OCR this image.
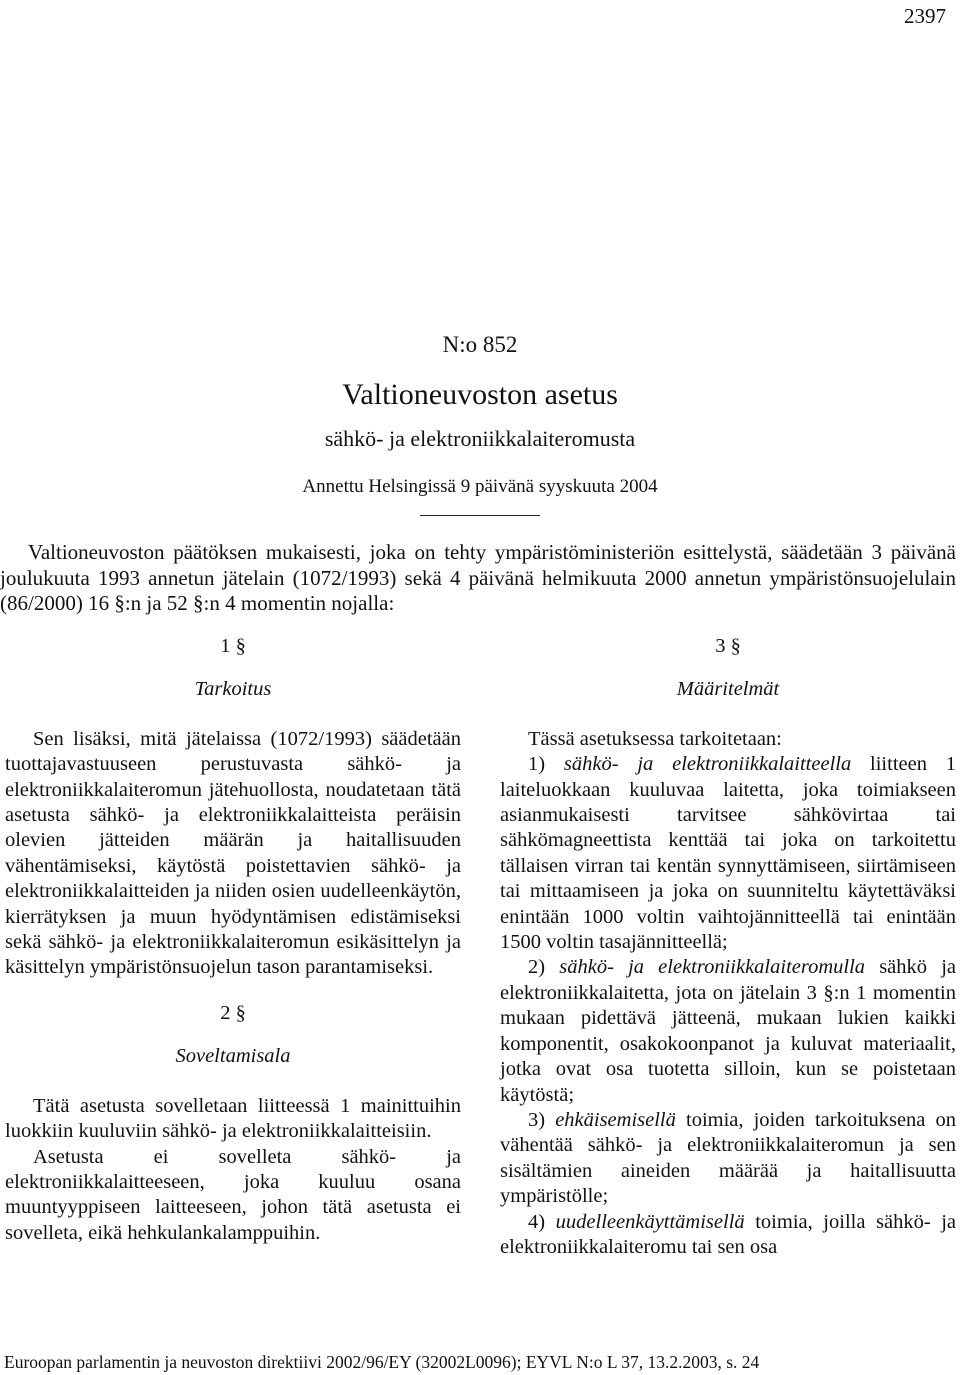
2397
N:o 852
Valtioneuvoston asetus
sähkö- ja elektroniikkalaiteromusta
Annettu Helsingissä 9 päivänä syyskuuta 2004

Valtioneuvoston päätöksen mukaisesti, joka on tehty ympäristöministeriön esittelystä, säädetään 3 päivänä joulukuuta 1993 annetun jätelain (1072/1993) sekä 4 päivänä helmikuuta 2000 annetun ympäristönsuojelulain (86/2000) 16 §:n ja 52 §:n 4 momentin nojalla:

1 §

Tarkoitus

Sen lisäksi, mitä jätelaissa (1072/1993) säädetään tuottajavastuuseen perustuvasta sähkö- ja elektroniikkalaiteromun jätehuollosta, noudatetaan tätä asetusta sähkö- ja elektroniikkalaitteista peräisin olevien jätteiden määrän ja haitallisuuden vähentämiseksi, käytöstä poistettavien sähkö- ja elektroniikkalaitteiden ja niiden osien uudelleenkäytön, kierrätyksen ja muun hyödyntämisen edistämiseksi sekä sähkö- ja elektroniikkalaiteromun esikäsittelyn ja käsittelyn ympäristönsuojelun tason parantamiseksi.

2 §

Soveltamisala

Tätä asetusta sovelletaan liitteessä 1 mainittuihin luokkiin kuuluviin sähkö- ja elektroniikkalaitteisiin.

Asetusta ei sovelleta sähkö- ja elektroniikkalaitteeseen, joka kuuluu osana muuntyyppiseen laitteeseen, johon tätä asetusta ei sovelleta, eikä hehkulankalamppuihin.

3 §

Määritelmät

Tässä asetuksessa tarkoitetaan:

1) sähkö- ja elektroniikkalaitteella liitteen 1 laiteluokkaan kuuluvaa laitetta, joka toimiakseen asianmukaisesti tarvitsee sähkövirtaa tai sähkömagneettista kenttää tai joka on tarkoitettu tällaisen virran tai kentän synnyttämiseen, siirtämiseen tai mittaamiseen ja joka on suunniteltu käytettäväksi enintään 1000 voltin vaihtojännitteellä tai enintään 1500 voltin tasajännitteellä;

2) sähkö- ja elektroniikkalaiteromulla sähkö ja elektroniikkalaitetta, jota on jätelain 3 §:n 1 momentin mukaan pidettävä jätteenä, mukaan lukien kaikki komponentit, osakokoonpanot ja kuluvat materiaalit, jotka ovat osa tuotetta silloin, kun se poistetaan käytöstä;

3) ehkäisemisellä toimia, joiden tarkoituksena on vähentää sähkö- ja elektroniikkalaiteromun ja sen sisältämien aineiden määrää ja haitallisuutta ympäristölle;

4) uudelleenkäyttämisellä toimia, joilla sähkö- ja elektroniikkalaiteromu tai sen osa

Euroopan parlamentin ja neuvoston direktiivi 2002/96/EY (32002L0096); EYVL N:o L 37, 13.2.2003, s. 24
